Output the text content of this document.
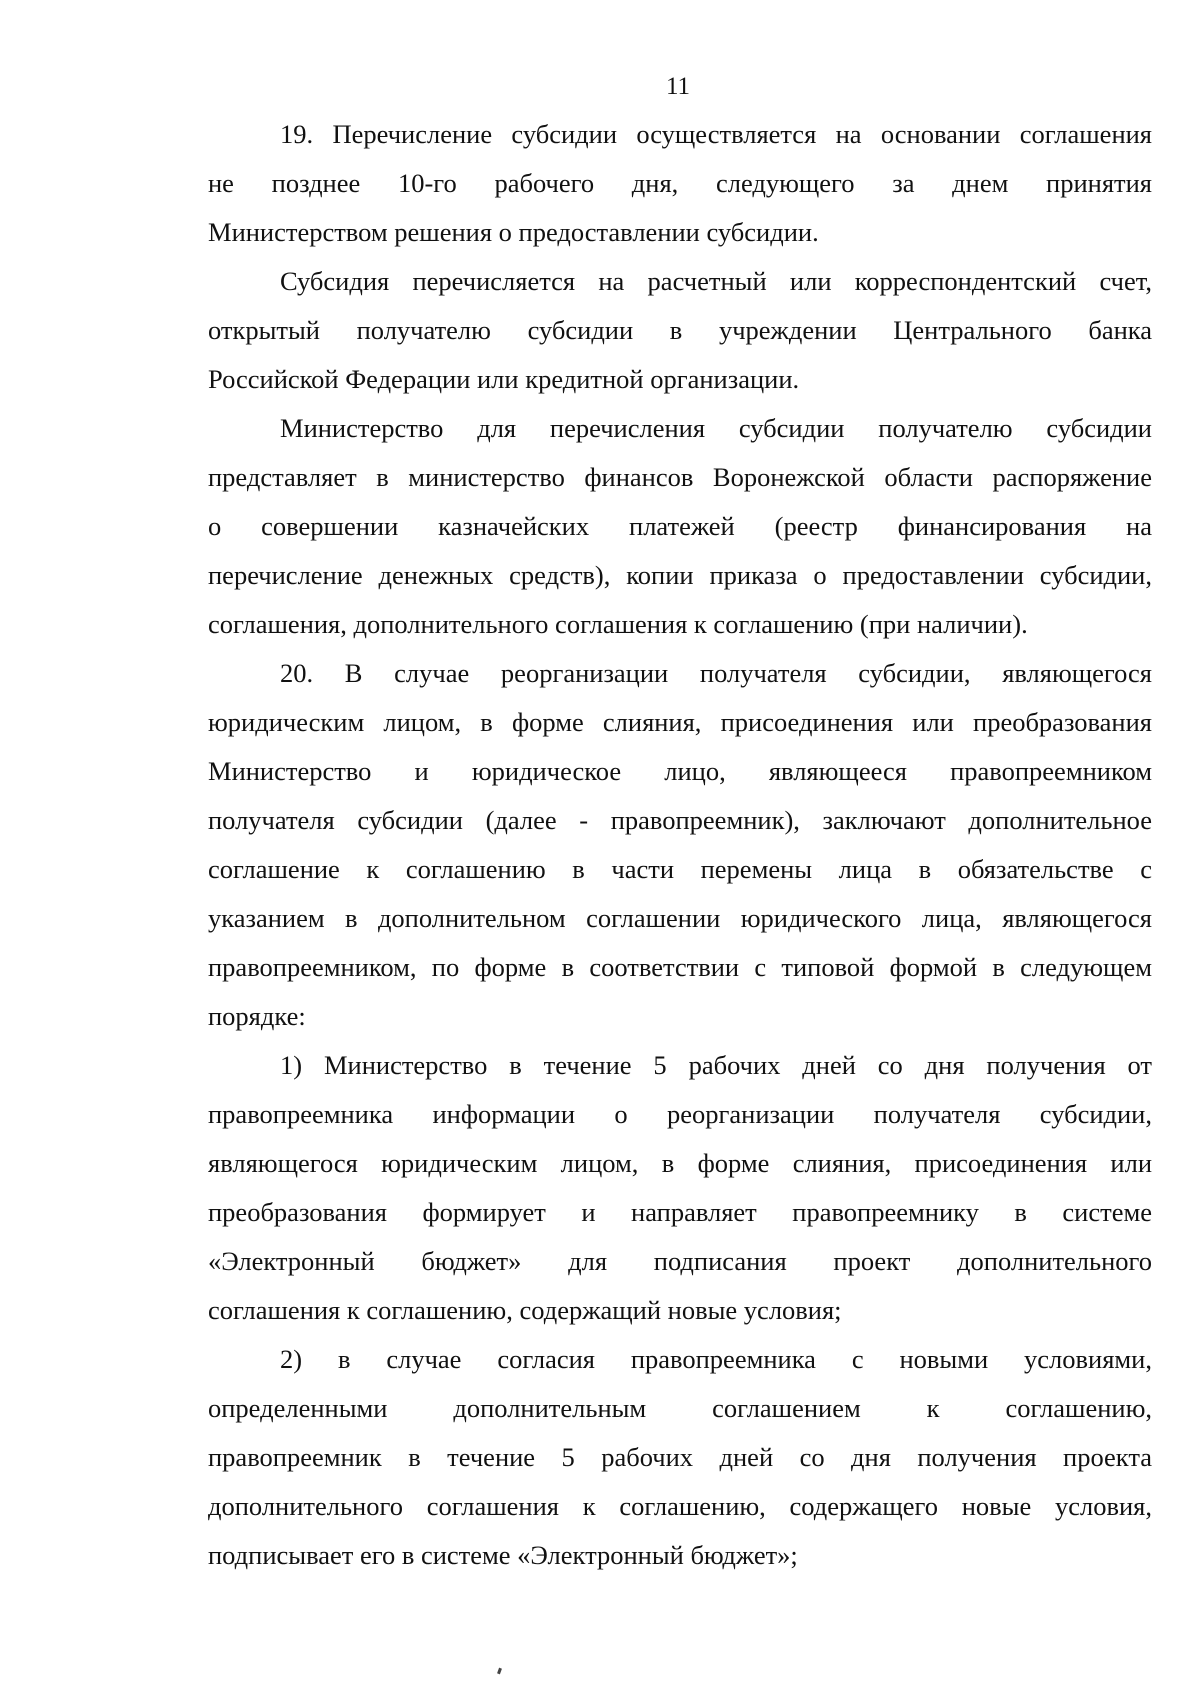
11
19. Перечисление субсидии осуществляется на основании соглашения
не позднее 10-го рабочего дня, следующего за днем принятия
Министерством решения о предоставлении субсидии.
Субсидия перечисляется на расчетный или корреспондентский счет,
открытый получателю субсидии в учреждении Центрального банка
Российской Федерации или кредитной организации.
Министерство для перечисления субсидии получателю субсидии
представляет в министерство финансов Воронежской области распоряжение
о совершении казначейских платежей (реестр финансирования на
перечисление денежных средств), копии приказа о предоставлении субсидии,
соглашения, дополнительного соглашения к соглашению (при наличии).
20. В случае реорганизации получателя субсидии, являющегося
юридическим лицом, в форме слияния, присоединения или преобразования
Министерство и юридическое лицо, являющееся правопреемником
получателя субсидии (далее - правопреемник), заключают дополнительное
соглашение к соглашению в части перемены лица в обязательстве с
указанием в дополнительном соглашении юридического лица, являющегося
правопреемником, по форме в соответствии с типовой формой в следующем
порядке:
1) Министерство в течение 5 рабочих дней со дня получения от
правопреемника информации о реорганизации получателя субсидии,
являющегося юридическим лицом, в форме слияния, присоединения или
преобразования формирует и направляет правопреемнику в системе
«Электронный бюджет» для подписания проект дополнительного
соглашения к соглашению, содержащий новые условия;
2) в случае согласия правопреемника с новыми условиями,
определенными дополнительным соглашением к соглашению,
правопреемник в течение 5 рабочих дней со дня получения проекта
дополнительного соглашения к соглашению, содержащего новые условия,
подписывает его в системе «Электронный бюджет»;
